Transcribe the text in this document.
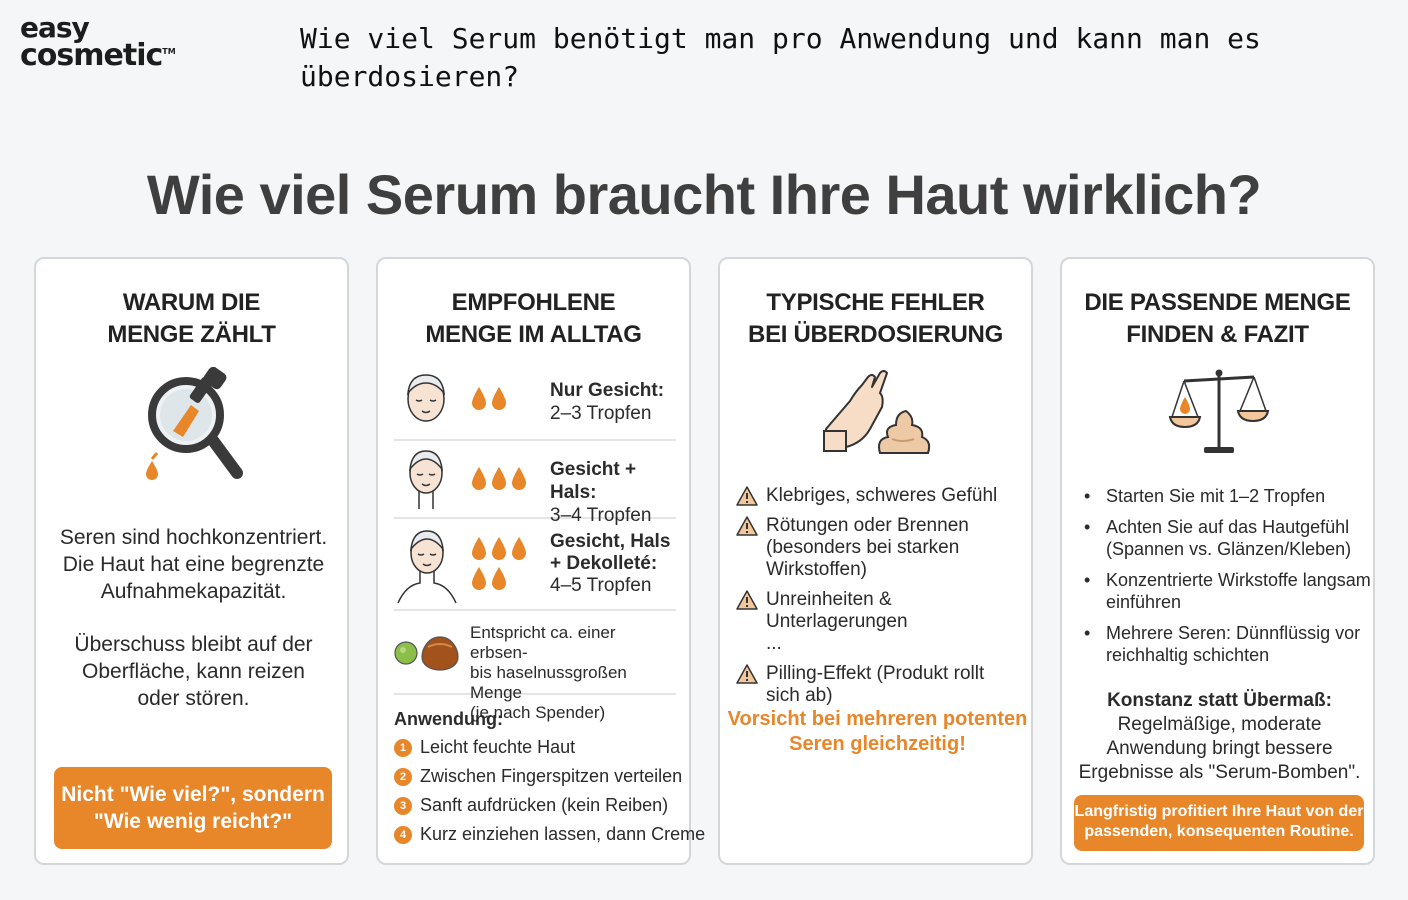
easy
cosmetic™	Wie viel Serum benötigt man pro Anwendung und kann man es überdosieren?
Wie viel Serum braucht Ihre Haut wirklich?
WARUM DIE
MENGE ZÄHLT
Seren sind hochkonzentriert.
Die Haut hat eine begrenzte
Aufnahmekapazität.
Überschuss bleibt auf der
Oberfläche, kann reizen
oder stören.
Nicht "Wie viel?", sondern
"Wie wenig reicht?"
EMPFOHLENE
MENGE IM ALLTAG
Nur Gesicht:
2–3 Tropfen
Gesicht + Hals:
3–4 Tropfen
Gesicht, Hals
+ Dekolleté:
4–5 Tropfen
Entspricht ca. einer erbsen-
bis haselnussgroßen Menge
(je nach Spender)
Anwendung:
1 Leicht feuchte Haut
2 Zwischen Fingerspitzen verteilen
3 Sanft aufdrücken (kein Reiben)
4 Kurz einziehen lassen, dann Creme
TYPISCHE FEHLER
BEI ÜBERDOSIERUNG
Klebriges, schweres Gefühl
Rötungen oder Brennen
(besonders bei starken
Wirkstoffen)
Unreinheiten & Unterlagerungen
...
Pilling-Effekt (Produkt rollt
sich ab)
Vorsicht bei mehreren potenten
Seren gleichzeitig!
DIE PASSENDE MENGE
FINDEN & FAZIT
• Starten Sie mit 1–2 Tropfen
• Achten Sie auf das Hautgefühl
(Spannen vs. Glänzen/Kleben)
• Konzentrierte Wirkstoffe langsam
einführen
• Mehrere Seren: Dünnflüssig vor
reichhaltig schichten
Konstanz statt Übermaß:
Regelmäßige, moderate
Anwendung bringt bessere
Ergebnisse als "Serum-Bomben".
Langfristig profitiert Ihre Haut von der
passenden, konsequenten Routine.
